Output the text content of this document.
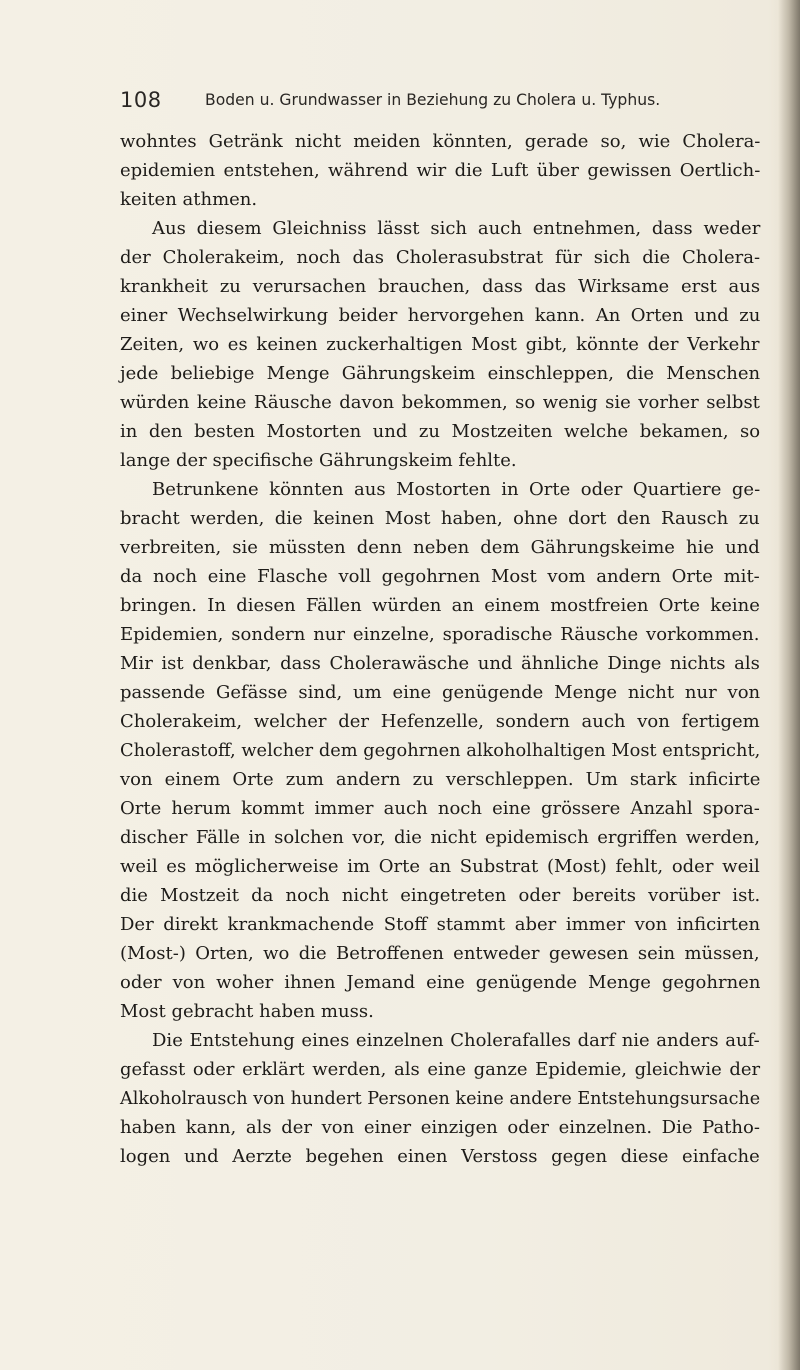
108	Boden u. Grundwasser in Beziehung zu Cholera u. Typhus.
wohntes Getränk nicht meiden könnten, gerade so, wie Cholera-
epidemien entstehen, während wir die Luft über gewissen Oertlich-
keiten athmen.
Aus diesem Gleichniss lässt sich auch entnehmen, dass weder
der Cholerakeim, noch das Cholerasubstrat für sich die Cholera-
krankheit zu verursachen brauchen, dass das Wirksame erst aus
einer Wechselwirkung beider hervorgehen kann. An Orten und zu
Zeiten, wo es keinen zuckerhaltigen Most gibt, könnte der Verkehr
jede beliebige Menge Gährungskeim einschleppen, die Menschen
würden keine Räusche davon bekommen, so wenig sie vorher selbst
in den besten Mostorten und zu Mostzeiten welche bekamen, so
lange der specifische Gährungskeim fehlte.
Betrunkene könnten aus Mostorten in Orte oder Quartiere ge-
bracht werden, die keinen Most haben, ohne dort den Rausch zu
verbreiten, sie müssten denn neben dem Gährungskeime hie und
da noch eine Flasche voll gegohrnen Most vom andern Orte mit-
bringen. In diesen Fällen würden an einem mostfreien Orte keine
Epidemien, sondern nur einzelne, sporadische Räusche vorkommen.
Mir ist denkbar, dass Cholerawäsche und ähnliche Dinge nichts als
passende Gefässe sind, um eine genügende Menge nicht nur von
Cholerakeim, welcher der Hefenzelle, sondern auch von fertigem
Cholerastoff, welcher dem gegohrnen alkoholhaltigen Most entspricht,
von einem Orte zum andern zu verschleppen. Um stark inficirte
Orte herum kommt immer auch noch eine grössere Anzahl spora-
discher Fälle in solchen vor, die nicht epidemisch ergriffen werden,
weil es möglicherweise im Orte an Substrat (Most) fehlt, oder weil
die Mostzeit da noch nicht eingetreten oder bereits vorüber ist.
Der direkt krankmachende Stoff stammt aber immer von inficirten
(Most-) Orten, wo die Betroffenen entweder gewesen sein müssen,
oder von woher ihnen Jemand eine genügende Menge gegohrnen
Most gebracht haben muss.
Die Entstehung eines einzelnen Cholerafalles darf nie anders auf-
gefasst oder erklärt werden, als eine ganze Epidemie, gleichwie der
Alkoholrausch von hundert Personen keine andere Entstehungsursache
haben kann, als der von einer einzigen oder einzelnen. Die Patho-
logen und Aerzte begehen einen Verstoss gegen diese einfache
